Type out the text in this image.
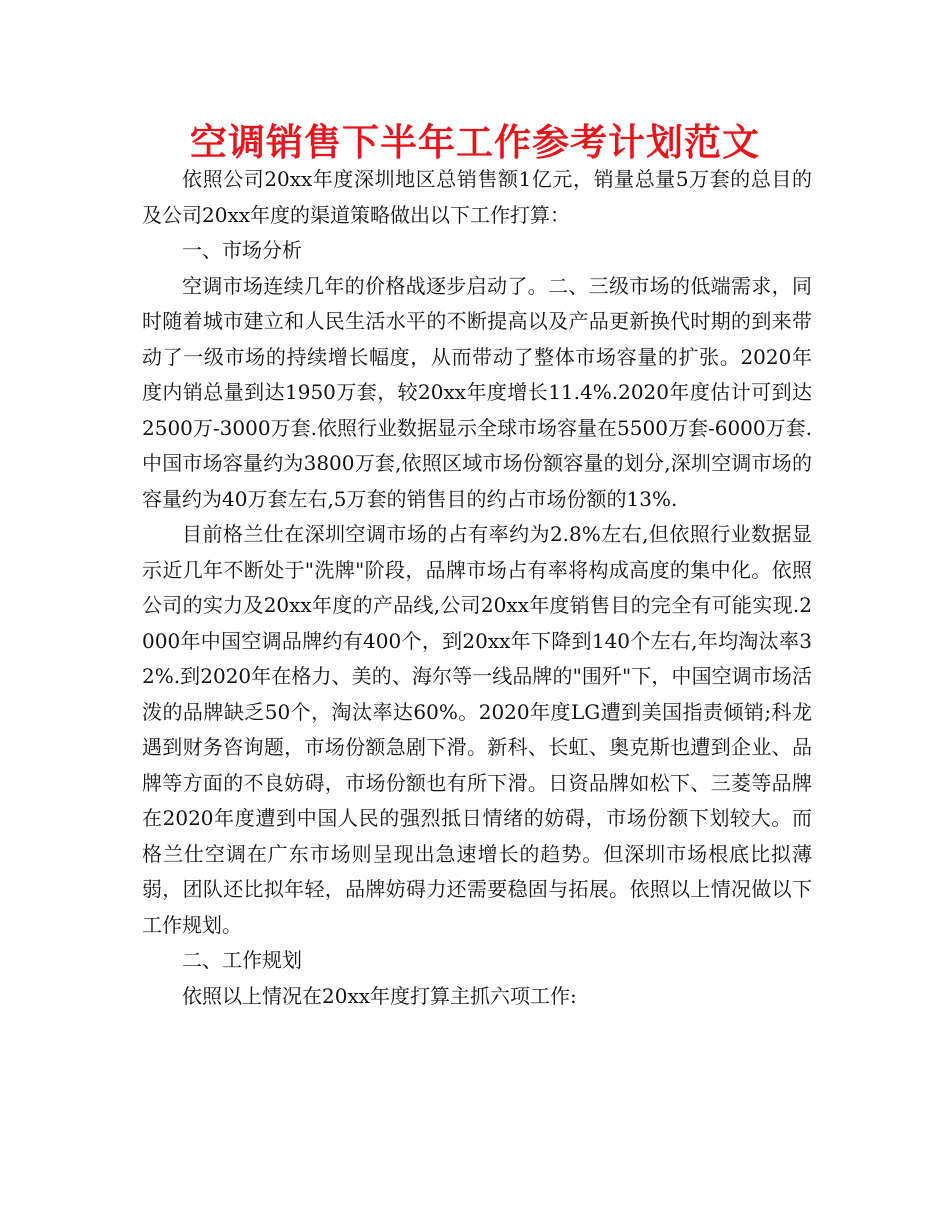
空调销售下半年工作参考计划范文

依照公司20xx年度深圳地区总销售额1亿元，销量总量5万套的总目的及公司20xx年度的渠道策略做出以下工作打算：

一、市场分析

空调市场连续几年的价格战逐步启动了。二、三级市场的低端需求，同时随着城市建立和人民生活水平的不断提高以及产品更新换代时期的到来带动了一级市场的持续增长幅度，从而带动了整体市场容量的扩张。2020年度内销总量到达1950万套，较20xx年度增长11.4%.2020年度估计可到达2500万-3000万套.依照行业数据显示全球市场容量在5500万套-6000万套.中国市场容量约为3800万套,依照区域市场份额容量的划分,深圳空调市场的容量约为40万套左右,5万套的销售目的约占市场份额的13%.

目前格兰仕在深圳空调市场的占有率约为2.8%左右,但依照行业数据显示近几年不断处于"洗牌"阶段，品牌市场占有率将构成高度的集中化。依照公司的实力及20xx年度的产品线,公司20xx年度销售目的完全有可能实现.2000年中国空调品牌约有400个，到20xx年下降到140个左右,年均淘汰率32%.到2020年在格力、美的、海尔等一线品牌的"围歼"下，中国空调市场活泼的品牌缺乏50个，淘汰率达60%。2020年度LG遭到美国指责倾销;科龙遇到财务咨询题，市场份额急剧下滑。新科、长虹、奥克斯也遭到企业、品牌等方面的不良妨碍，市场份额也有所下滑。日资品牌如松下、三菱等品牌在2020年度遭到中国人民的强烈抵日情绪的妨碍，市场份额下划较大。而格兰仕空调在广东市场则呈现出急速增长的趋势。但深圳市场根底比拟薄弱，团队还比拟年轻，品牌妨碍力还需要稳固与拓展。依照以上情况做以下工作规划。

二、工作规划

依照以上情况在20xx年度打算主抓六项工作:
